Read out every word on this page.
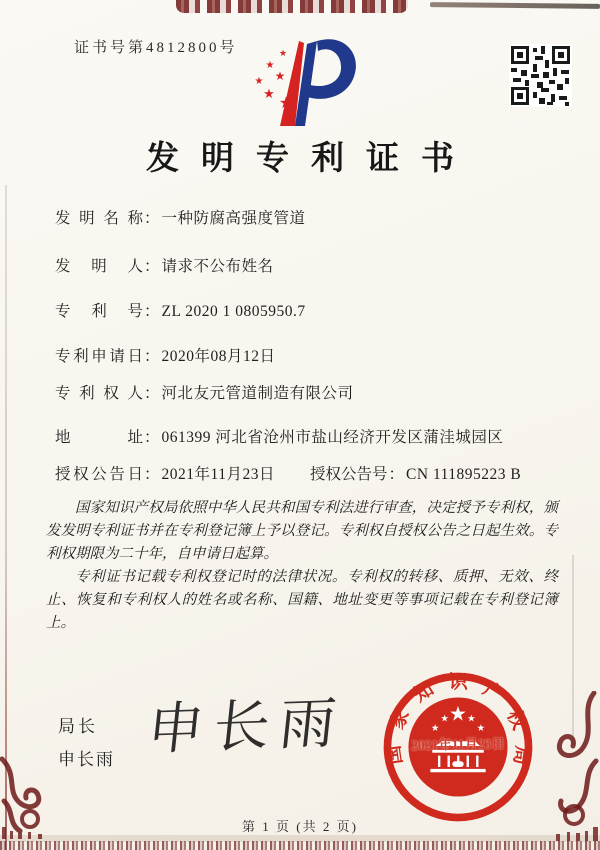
证书号第4812800号	★
★
★
★
★
★
发明专利证书
发明名称： 一种防腐高强度管道
发明人： 请求不公布姓名
专利号： ZL 2020 1 0805950.7
专利申请日： 2020年08月12日
专利权人： 河北友元管道制造有限公司
地址： 061399 河北省沧州市盐山经济开发区蒲洼城园区
授权公告日： 2021年11月23日 授权公告号： CN 111895223 B

国家知识产权局依照中华人民共和国专利法进行审查，决定授予专利权，颁发发明专利证书并在专利登记簿上予以登记。专利权自授权公告之日起生效。专利权期限为二十年，自申请日起算。

专利证书记载专利权登记时的法律状况。专利权的转移、质押、无效、终止、恢复和专利权人的姓名或名称、国籍、地址变更等事项记载在专利登记簿上。

局长
申长雨 申长雨	国家知识产权局
★
★
★ ★
★
2021年11月23日
第 1 页 (共 2 页)
